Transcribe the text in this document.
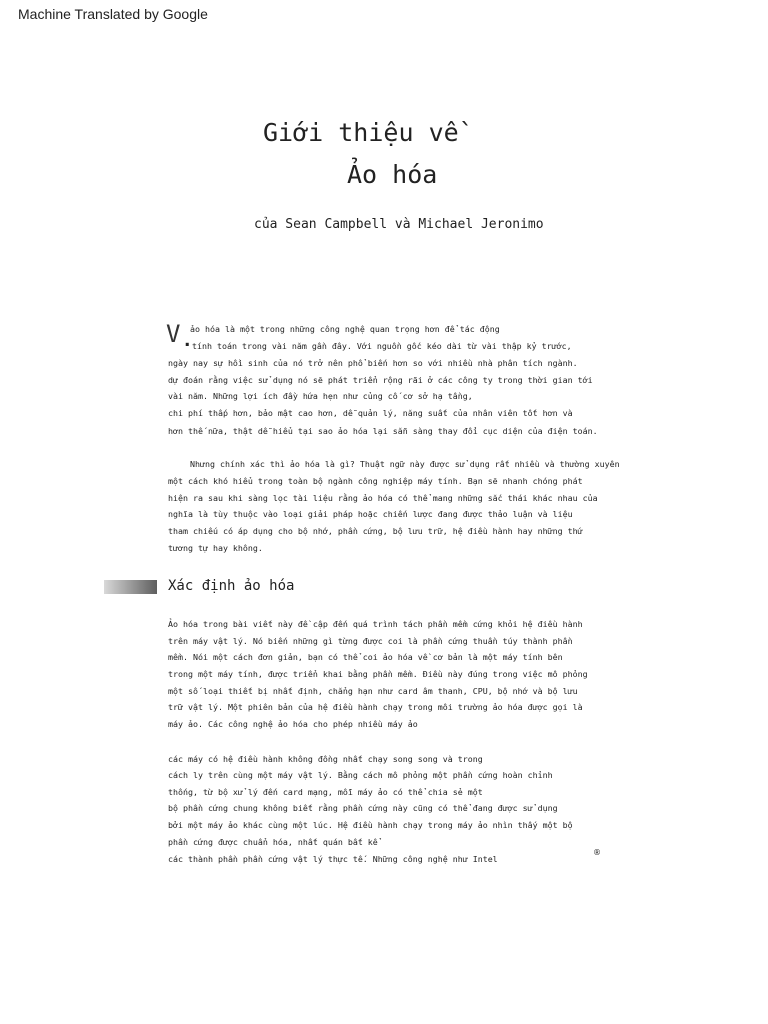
Machine Translated by Google
Giới thiệu về
Ảo hóa
của Sean Campbell và Michael Jeronimo
V .
ảo hóa là một trong những công nghệ quan trọng hơn để tác động
tính toán trong vài năm gần đây. Với nguồn gốc kéo dài từ vài thập kỷ trước,
ngày nay sự hồi sinh của nó trở nên phổ biến hơn so với nhiều nhà phân tích ngành.
dự đoán rằng việc sử dụng nó sẽ phát triển rộng rãi ở các công ty trong thời gian tới
vài năm. Những lợi ích đầy hứa hẹn như củng cố cơ sở hạ tầng,
chi phí thấp hơn, bảo mật cao hơn, dễ quản lý, năng suất của nhân viên tốt hơn và
hơn thế nữa, thật dễ hiểu tại sao ảo hóa lại sẵn sàng thay đổi cục diện của điện toán.
Nhưng chính xác thì ảo hóa là gì? Thuật ngữ này được sử dụng rất nhiều và thường xuyên
một cách khó hiểu trong toàn bộ ngành công nghiệp máy tính. Bạn sẽ nhanh chóng phát
hiện ra sau khi sàng lọc tài liệu rằng ảo hóa có thể mang những sắc thái khác nhau của
nghĩa là tùy thuộc vào loại giải pháp hoặc chiến lược đang được thảo luận và liệu
tham chiếu có áp dụng cho bộ nhớ, phần cứng, bộ lưu trữ, hệ điều hành hay những thứ
tương tự hay không.
Xác định ảo hóa
Ảo hóa trong bài viết này đề cập đến quá trình tách phần mềm cứng khỏi hệ điều hành
trên máy vật lý. Nó biến những gì từng được coi là phần cứng thuần túy thành phần
mềm. Nói một cách đơn giản, bạn có thể coi ảo hóa về cơ bản là một máy tính bên
trong một máy tính, được triển khai bằng phần mềm. Điều này đúng trong việc mô phỏng
một số loại thiết bị nhất định, chẳng hạn như card âm thanh, CPU, bộ nhớ và bộ lưu
trữ vật lý. Một phiên bản của hệ điều hành chạy trong môi trường ảo hóa được gọi là
máy ảo. Các công nghệ ảo hóa cho phép nhiều máy ảo
các máy có hệ điều hành không đồng nhất chạy song song và trong
cách ly trên cùng một máy vật lý. Bằng cách mô phỏng một phần cứng hoàn chỉnh
thống, từ bộ xử lý đến card mạng, mỗi máy ảo có thể chia sẻ một
bộ phần cứng chung không biết rằng phần cứng này cũng có thể đang được sử dụng
bởi một máy ảo khác cùng một lúc. Hệ điều hành chạy trong máy ảo nhìn thấy một bộ
phần cứng được chuẩn hóa, nhất quán bất kể
các thành phần phần cứng vật lý thực tế. Những công nghệ như Intel
®
